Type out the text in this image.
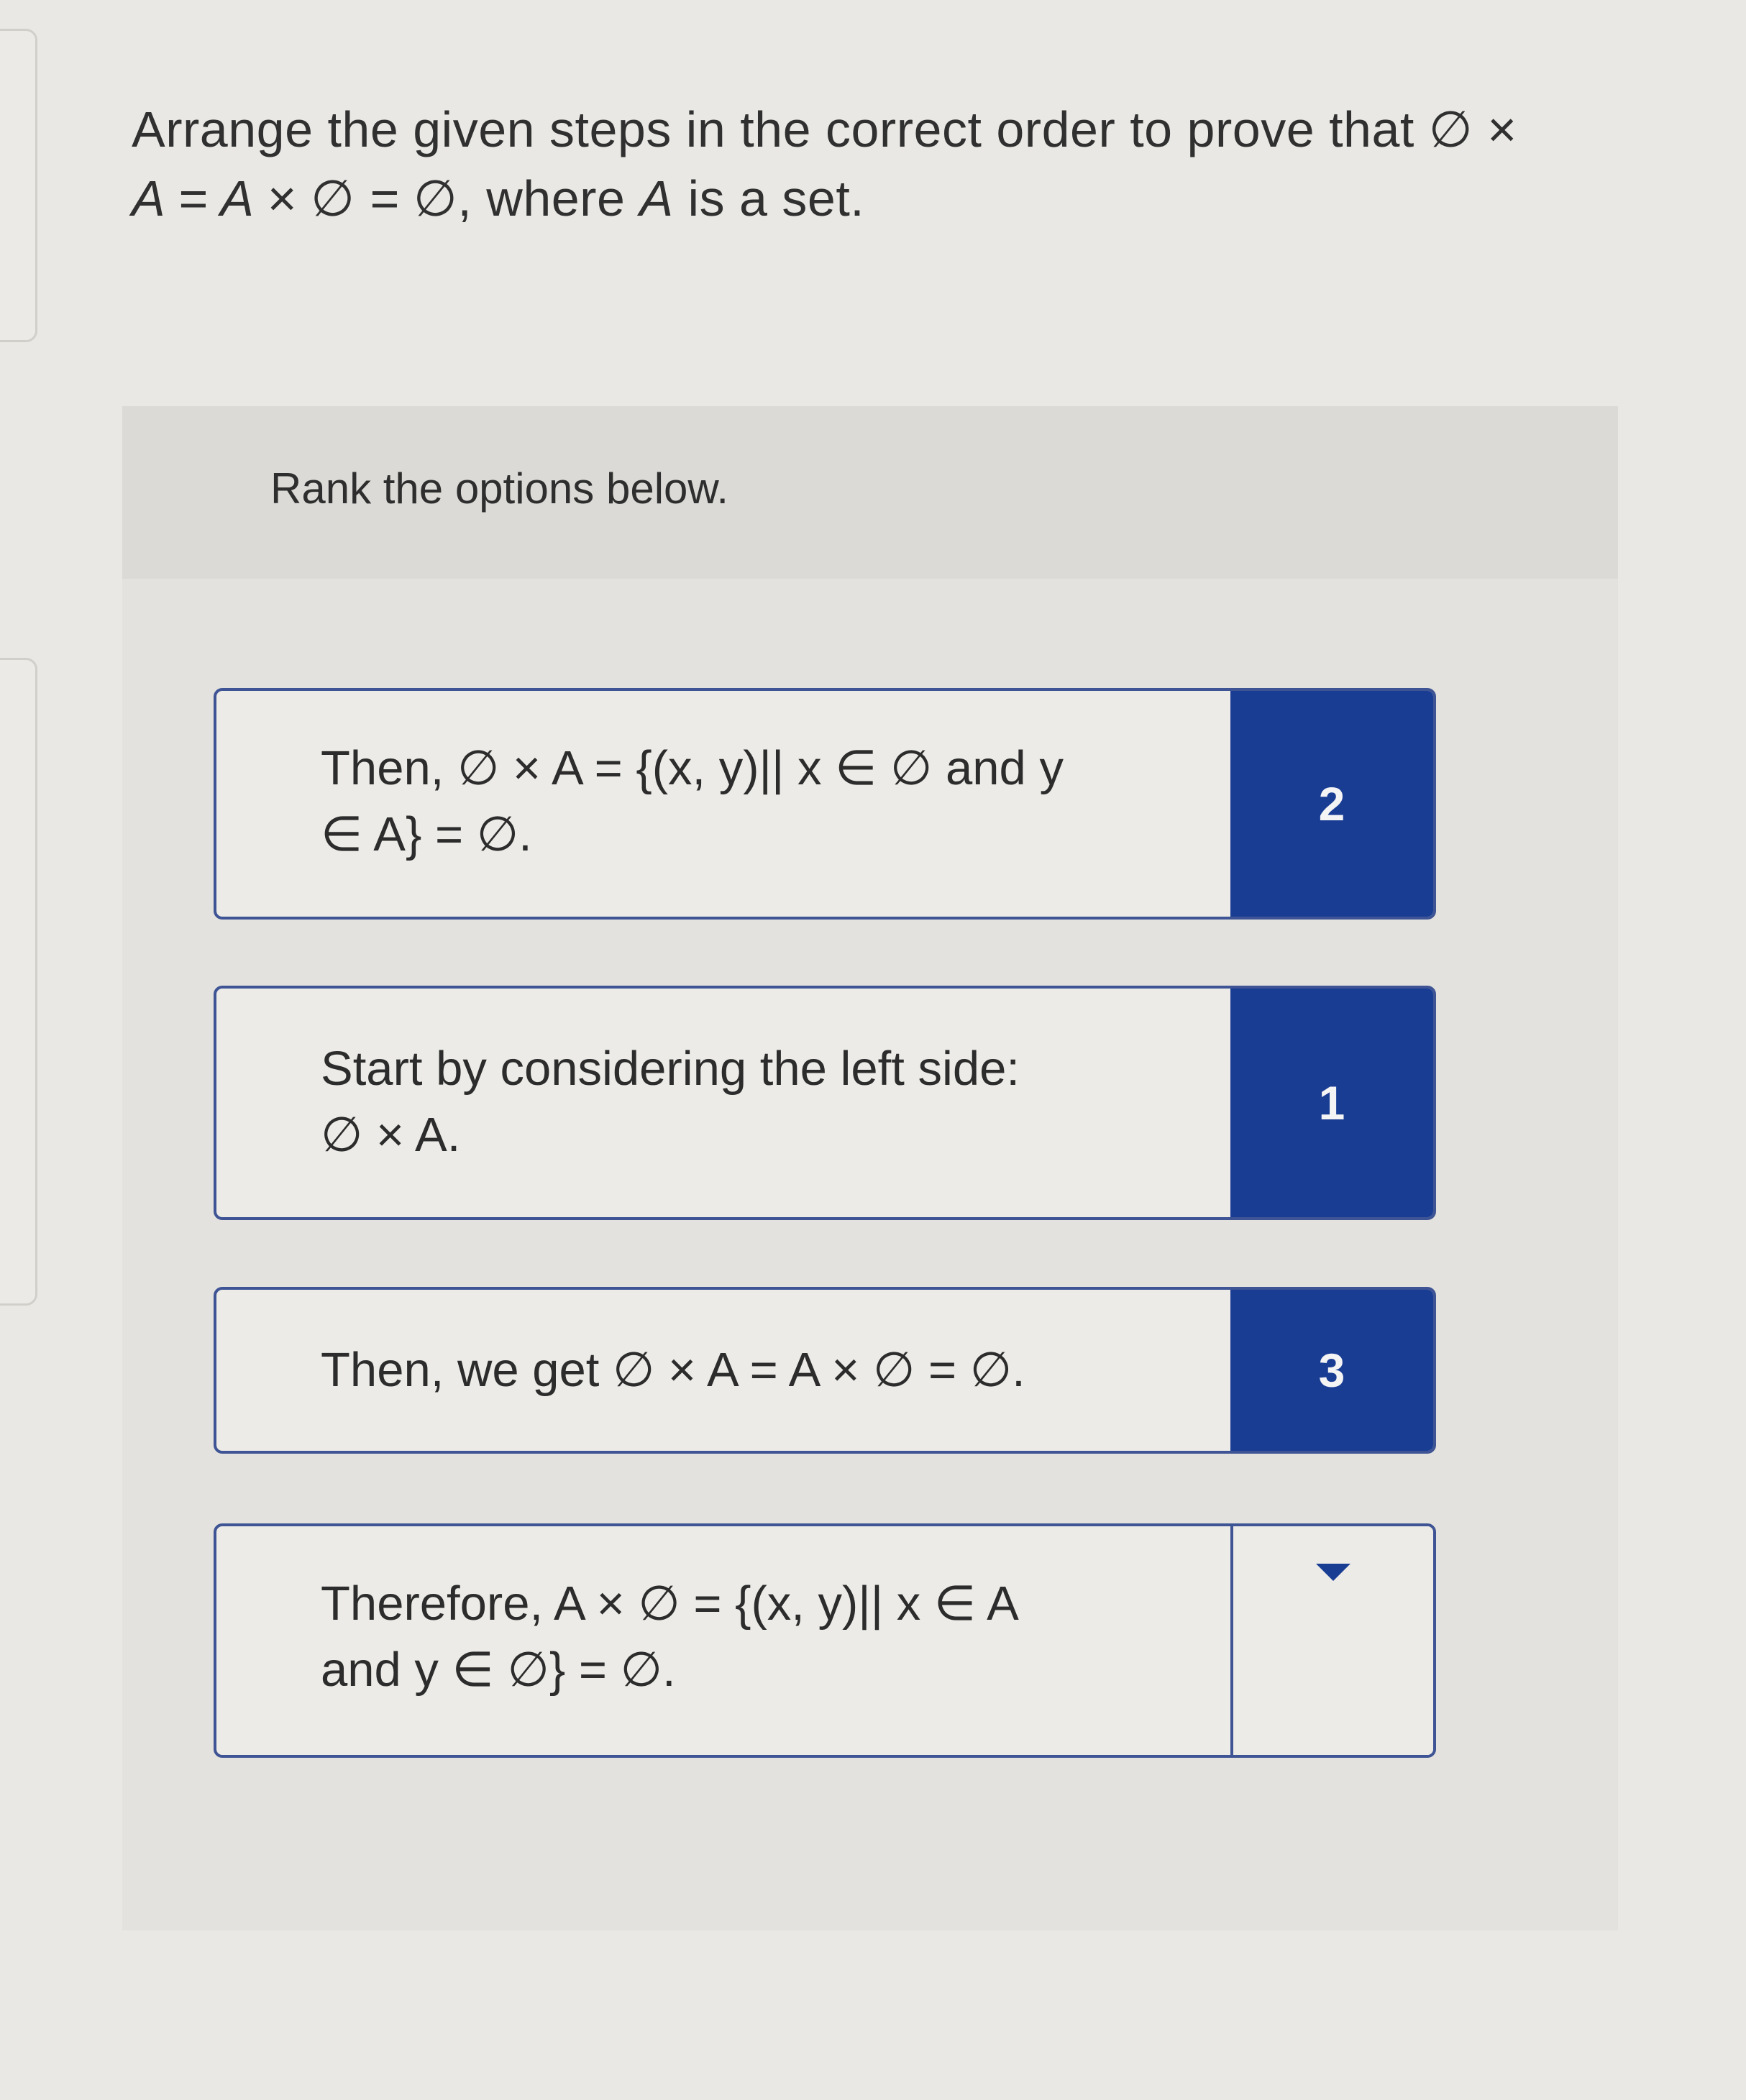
Arrange the given steps in the correct order to prove that ∅ ×
A = A × ∅ = ∅, where A is a set.
Rank the options below.
Then, ∅ × A = {(x, y)|| x ∈ ∅ and y
∈ A} = ∅.
2
Start by considering the left side:
∅ × A.
1
Then, we get ∅ × A = A × ∅ = ∅.	3
Therefore, A × ∅ = {(x, y)|| x ∈ A
and y ∈ ∅} = ∅.
